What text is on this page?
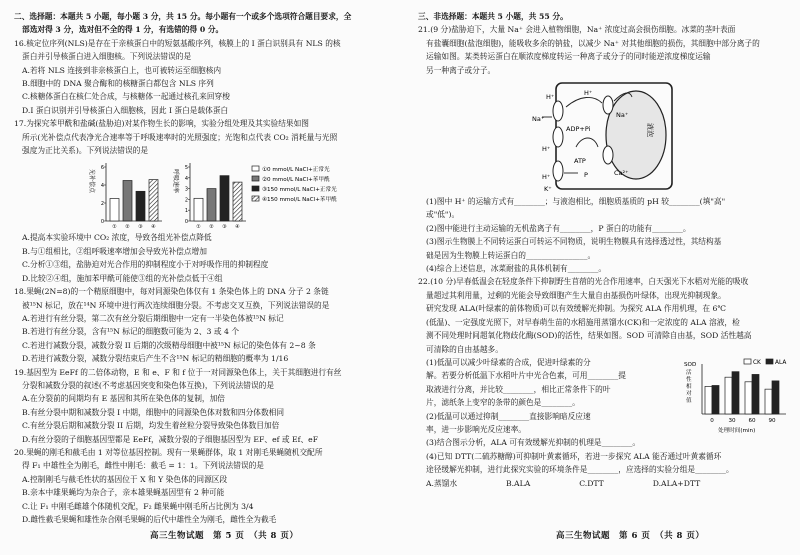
二、选择题：本题共 5 小题，每小题 3 分，共 15 分。每小题有一个或多个选项符合题目要求，全

部选对得 3 分，选对但不全的得 1 分，有选错的得 0 分。

16.核定位序列(NLS)是存在于亲核蛋白中的短氨基酸序列，核膜上的 I 蛋白识别具有 NLS 的核

蛋白并引导核蛋白进入细胞核。下列说法错误的是

A.若将 NLS 连接到非亲核蛋白上，也可被转运至细胞核内

B.细胞中的 DNA 聚合酶和的核糖蛋白都包含 NLS 序列

C.核糖体蛋白在核仁处合成，与核糖体一起通过核孔来回穿梭

D.I 蛋白识别并引导核蛋白入细胞核，因此 I 蛋白是载体蛋白

17.为探究苯甲酰和盐碱(盐胁迫)对某作物生长的影响，实验分组处理及其实验结果如图

所示(光补偿点代表净光合速率等于呼吸速率时的光照强度；光饱和点代表 CO₂ 消耗量与光照

强度为正比关系)。下列说法错误的是

光补偿点	呼吸速率	①0 mmol/L NaCl+正常光
②0 mmol/L NaCl+苯甲酰
③150 mmol/L NaCl+正常光
④150 mmol/L NaCl+苯甲酰
0
2
4
6
① ② ③ ④
0
1
2
3
4
5
① ② ③ ④

A.提高本实验环境中 CO₂ 浓度，导致各组光补偿点降低

B.与①组相比，②组呼吸速率增加会导致光补偿点增加

C.分析①③组，盐胁迫对光合作用的抑制程度小于对呼吸作用的抑制程度

D.比较②④组，施加苯甲酰可能使③组的光补偿点低于④组

18.果蝇(2N=8)的一个精原细胞中，每对同源染色体仅有 1 条染色体上的 DNA 分子 2 条链

被¹⁵N 标记，放在¹⁴N 环境中进行两次连续细胞分裂。不考虑交叉互换，下列说法错误的是

A.若进行有丝分裂，第二次有丝分裂后期细胞中一定有一半染色体被¹⁵N 标记

B.若进行有丝分裂，含有¹⁵N 标记的细胞数可能为 2、3 或 4 个

C.若进行减数分裂，减数分裂 II 后期的次级精母细胞中被¹⁵N 标记的染色体有 2~8 条

D.若进行减数分裂，减数分裂结束后产生不含¹⁵N 标记的精细胞的概率为 1/16

19.基因型为 EeFf 的二倍体动物，E 和 e、F 和 f 位于一对同源染色体上，关于其细胞进行有丝

分裂和减数分裂的叙述(不考虑基因突变和染色体互换)，下列说法错误的是

A.在分裂前的间期均有 E 基因和其所在染色体的复制，加倍

B.有丝分裂中期和减数分裂 I 中期，细胞中的同源染色体对数和四分体数相同

C.有丝分裂后期和减数分裂 II 后期，均发生着丝粒分裂导致染色体数目加倍

D.有丝分裂的子细胞基因型都是 EeFf，减数分裂的子细胞基因型为 EF、ef 或 Ef、eF

20.果蝇的刚毛和截毛由 1 对等位基因控制。现有一果蝇群体，取 1 对刚毛果蝇随机交配所

得 F₁ 中雄性全为刚毛，雌性中刚毛：截毛 = 1：1。下列说法错误的是

A.控制刚毛与截毛性状的基因位于 X 和 Y 染色体的同源区段

B.亲本中雄果蝇均为杂合子，亲本雄果蝇基因型有 2 种可能

C.让 F₁ 中刚毛雌雄个体随机交配，F₂ 雌果蝇中刚毛所占比例为 3/4

D.雌性截毛果蝇和雄性杂合刚毛果蝇的后代中雄性全为刚毛，雌性全为截毛

三、非选择题：本题共 5 小题，共 55 分。

21.(9 分)盐胁迫下，大量 Na⁺ 会进入植物细胞，Na⁺ 浓度过高会损伤细胞。冰菜的茎叶表面

有盐囊细胞(盐泡细胞)，能吸收多余的钠盐，以减少 Na⁺ 对其他细胞的损伤，其细胞中部分离子的

运输如图。某类转运蛋白在顺浓度梯度转运一种离子或分子的同时能逆浓度梯度运输

另一种离子或分子。

液泡
H⁺	H⁺
Na⁺	Na⁺
ADP+Pi
ATP
H⁺
Ca²⁺
H⁺
K⁺
P

(1)图中 H⁺ 的运输方式有________；与液泡相比，细胞质基质的 pH 较________(填"高"

或"低")。

(2)图中能进行主动运输的无机盐离子有________，P 蛋白的功能有________。

(3)图示生物膜上不同转运蛋白可转运不同物质，说明生物膜具有选择透过性，其结构基

础是因为生物膜上转运蛋白的________________。

(4)综合上述信息，冰菜耐盐的具体机制有________。

22.(10 分)早春低温会在轻度条件下抑制野生苜蓿的光合作用速率，白天强光下水稻对光能的吸收

量超过其利用量，过剩的光能会导致细胞产生大量自由基损伤叶绿体，出现光抑制现象。

研究发现 ALA(叶绿素的前体物质)可以有效缓解光抑制。为探究 ALA 作用机理，在 6℃

(低温)、一定强度光照下，对早春萌生苗的水稻施用蒸馏水(CK)和一定浓度的 ALA 溶液，检

测不同处理时间超氧化物歧化酶(SOD)的活性，结果如图。SOD 可清除自由基，SOD 活性越高

可清除的自由基越多。

(1)低温可以减少叶绿素的合成，促进叶绿素的分

解。若要分析低温下水稻叶片中光合色素，可用________提

取液进行分离，并比较________，相比正常条件下的叶

片，滤纸条上变窄的条带的颜色是________。

(2)低温可以通过抑制________直接影响暗反应速

率，进一步影响光反应速率。

SOD
活
性
相
对
值
处理时间(min)
CK ALA
0	30 60 90

(3)结合图示分析，ALA 可有效缓解光抑制的机理是________。

(4)已知 DTT(二硫苏糖醇)可抑制叶黄素循环，若进一步探究 ALA 能否通过叶黄素循环

途径缓解光抑制，进行此探究实验的环境条件是________，应选择的实验分组是________。

A.蒸馏水	B.ALA	C.DTT	D.ALA+DTT

高三生物试题　第 5 页　（共 8 页）	高三生物试题　第 6 页　（共 8 页）
